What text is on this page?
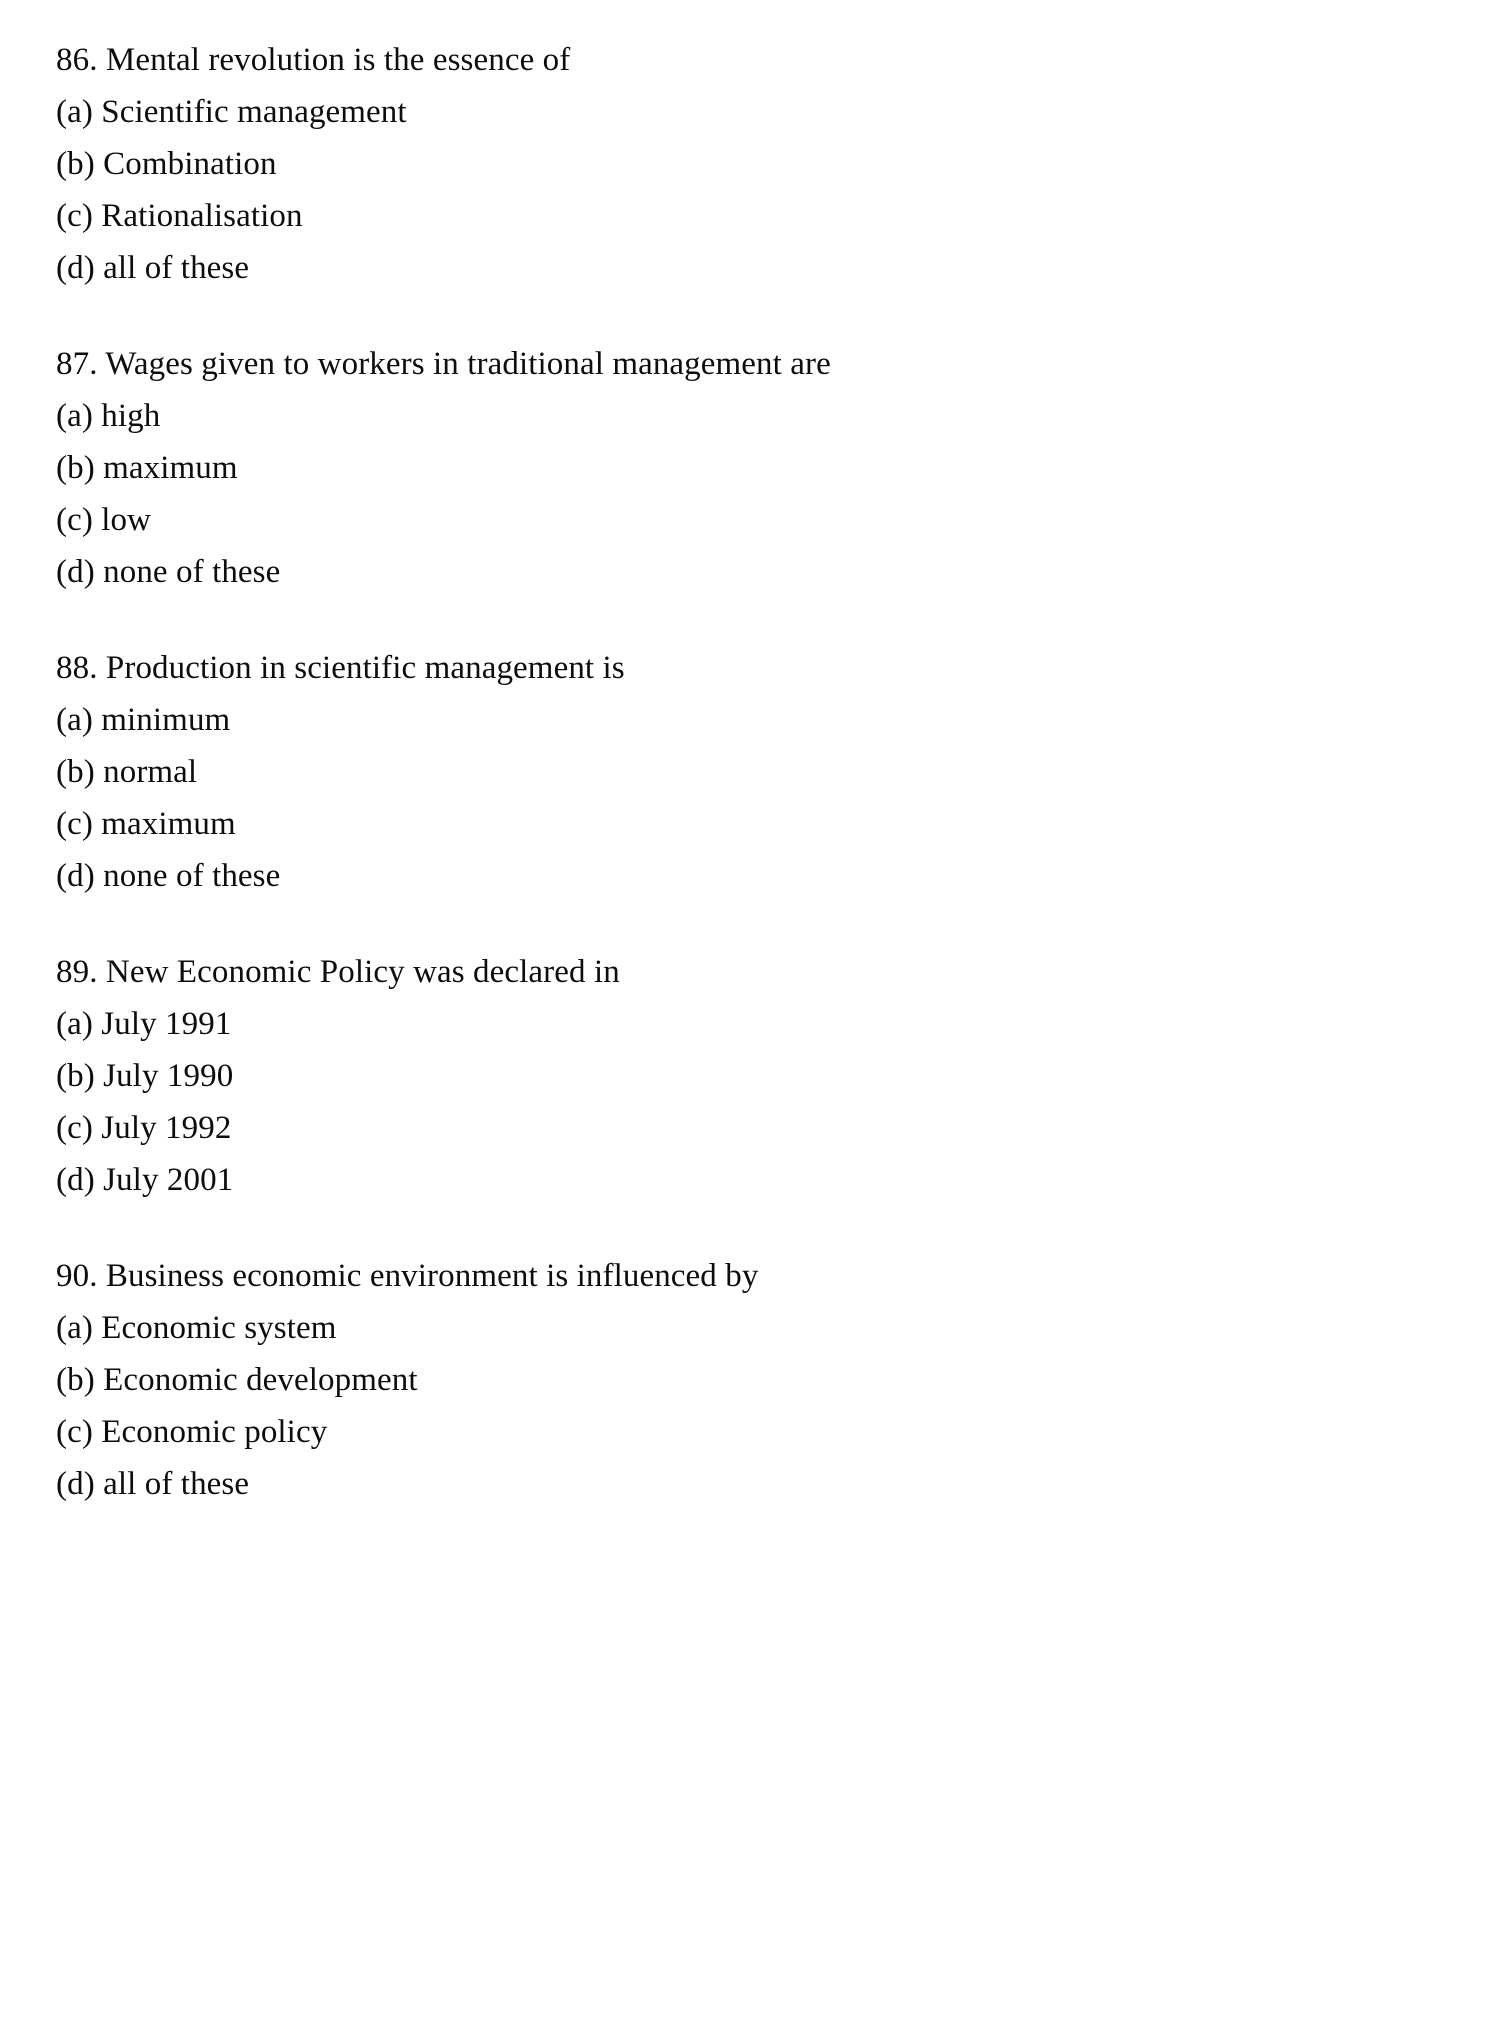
86. Mental revolution is the essence of
(a) Scientific management
(b) Combination
(c) Rationalisation
(d) all of these
87. Wages given to workers in traditional management are
(a) high
(b) maximum
(c) low
(d) none of these
88. Production in scientific management is
(a) minimum
(b) normal
(c) maximum
(d) none of these
89. New Economic Policy was declared in
(a) July 1991
(b) July 1990
(c) July 1992
(d) July 2001
90. Business economic environment is influenced by
(a) Economic system
(b) Economic development
(c) Economic policy
(d) all of these
